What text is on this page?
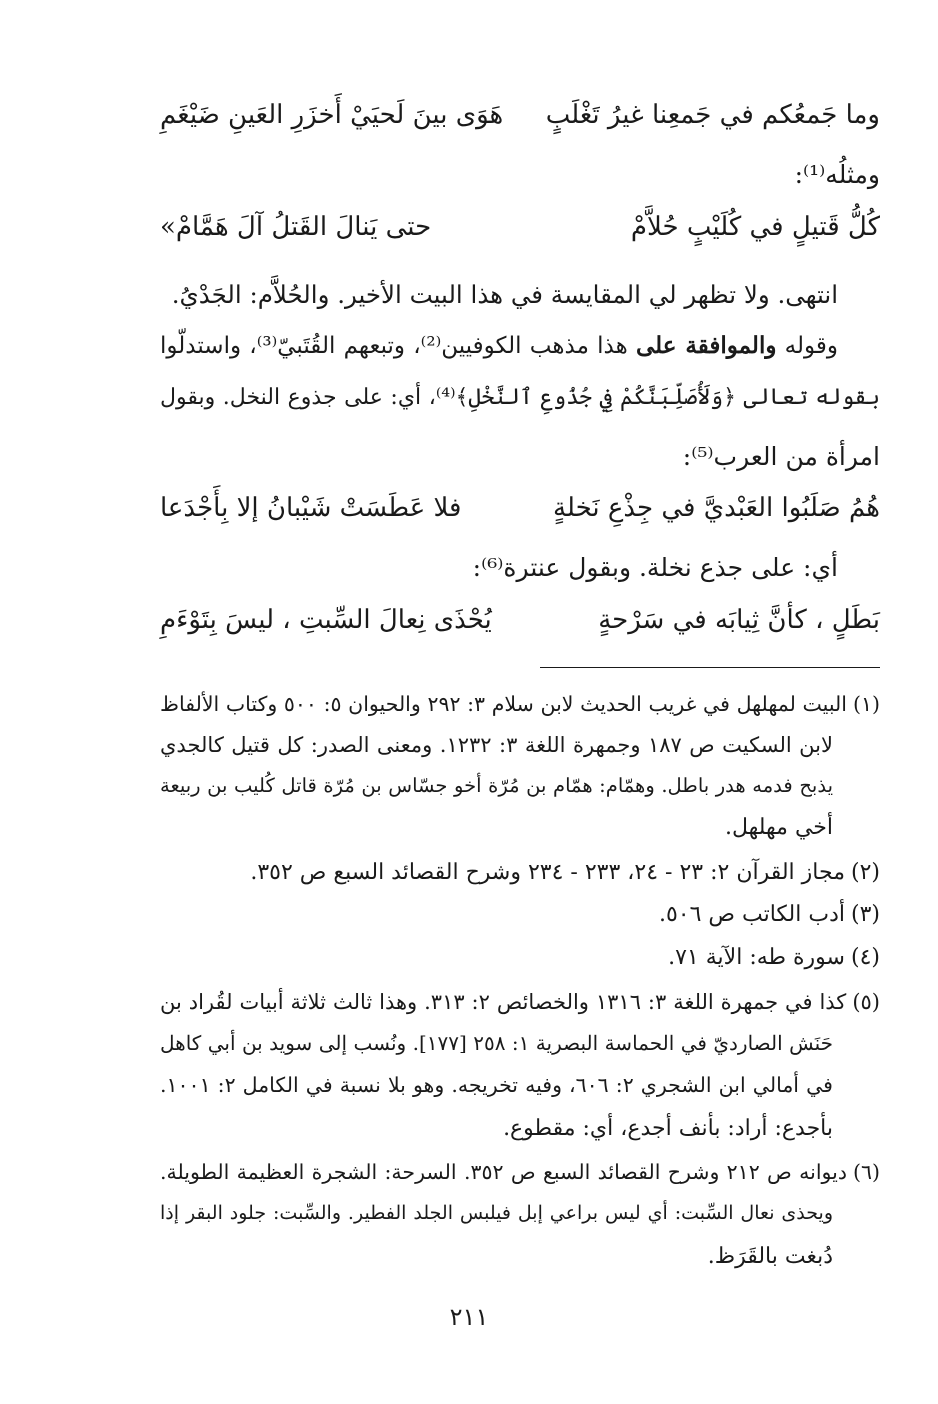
وما جَمعُكم في جَمعِنا غيرُ تَغْلَبٍ
هَوَى بينَ لَحيَيْ أَخزَرِ العَينِ ضَيْغَمِ
ومثلُه⁽¹⁾:
كُلُّ قَتيلٍ في كُلَيْبٍ حُلاَّمْ
حتى يَنالَ القَتلُ آلَ هَمَّامْ»
انتهى. ولا تظهر لي المقايسة في هذا البيت الأخير. والحُلاَّم: الجَدْيُ.
وقوله والموافقة على هذا مذهب الكوفيين⁽²⁾، وتبعهم القُتَبيّ⁽³⁾، واستدلّوا
بقوله تعالى ﴿وَلَأُصَلِّبَنَّكُمْ فِي جُذُوعِ ٱلنَّخْلِ﴾⁽⁴⁾، أي: على جذوع النخل. وبقول
امرأة من العرب⁽⁵⁾:
هُمُ صَلَبُوا العَبْديَّ في جِذْعِ نَخلةٍ
فلا عَطَسَتْ شَيْبانُ إلا بِأَجْدَعا
أي: على جذع نخلة. وبقول عنترة⁽⁶⁾:
بَطَلٍ ، كأنَّ ثِيابَه في سَرْحةٍ
يُحْذَى نِعالَ السِّبتِ ، ليسَ بِتَوْءَمِ
(١)البيت لمهلهل في غريب الحديث لابن سلام ٣: ٢٩٢ والحيوان ٥: ٥٠٠ وكتاب الألفاظ
لابن السكيت ص ١٨٧ وجمهرة اللغة ٣: ١٢٣٢. ومعنى الصدر: كل قتيل كالجدي
يذبح فدمه هدر باطل. وهمّام: همّام بن مُرّة أخو جسّاس بن مُرّة قاتل كُليب بن ربيعة
أخي مهلهل.
(٢)مجاز القرآن ٢: ٢٣ - ٢٤، ٢٣٣ - ٢٣٤ وشرح القصائد السبع ص ٣٥٢.
(٣)أدب الكاتب ص ٥٠٦.
(٤)سورة طه: الآية ٧١.
(٥)كذا في جمهرة اللغة ٣: ١٣١٦ والخصائص ٢: ٣١٣. وهذا ثالث ثلاثة أبيات لقُراد بن
حَنَش الصارديّ في الحماسة البصرية ١: ٢٥٨ [١٧٧]. ونُسب إلى سويد بن أبي كاهل
في أمالي ابن الشجري ٢: ٦٠٦، وفيه تخريجه. وهو بلا نسبة في الكامل ٢: ١٠٠١.
بأجدع: أراد: بأنف أجدع، أي: مقطوع.
(٦)ديوانه ص ٢١٢ وشرح القصائد السبع ص ٣٥٢. السرحة: الشجرة العظيمة الطويلة.
ويحذى نعال السِّبت: أي ليس براعي إبل فيلبس الجلد الفطير. والسِّبت: جلود البقر إذا
دُبغت بالقَرَظ.
٢١١
